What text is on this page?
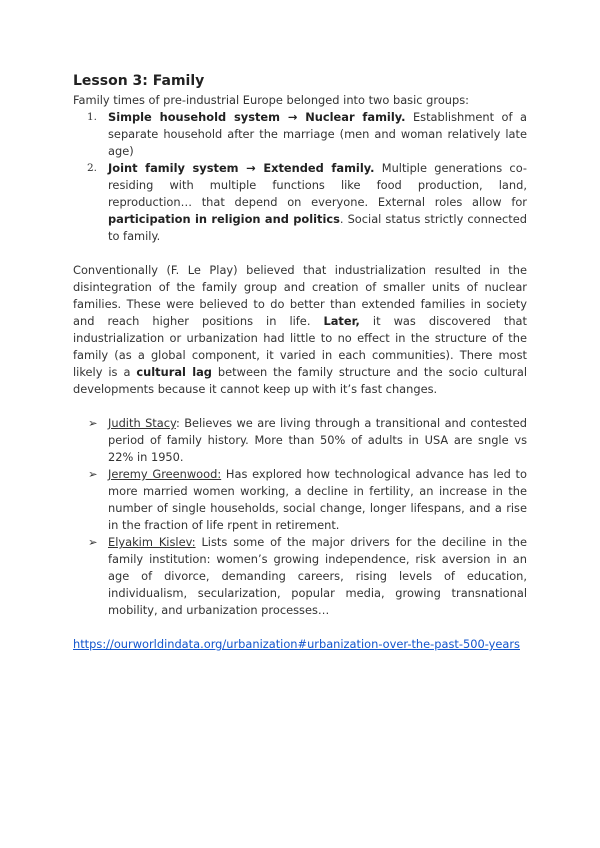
Lesson 3: Family

Family times of pre-industrial Europe belonged into two basic groups:

1. Simple household system → Nuclear family. Establishment of a separate household after the marriage (men and woman relatively late age)
2. Joint family system → Extended family. Multiple generations co-residing with multiple functions like food production, land, reproduction… that depend on everyone. External roles allow for participation in religion and politics. Social status strictly connected to family.

Conventionally (F. Le Play) believed that industrialization resulted in the disintegration of the family group and creation of smaller units of nuclear families. These were believed to do better than extended families in society and reach higher positions in life. Later, it was discovered that industrialization or urbanization had little to no effect in the structure of the family (as a global component, it varied in each communities). There most likely is a cultural lag between the family structure and the socio cultural developments because it cannot keep up with it’s fast changes.

➢ Judith Stacy: Believes we are living through a transitional and contested period of family history. More than 50% of adults in USA are sngle vs 22% in 1950.
➢ Jeremy Greenwood: Has explored how technological advance has led to more married women working, a decline in fertility, an increase in the number of single households, social change, longer lifespans, and a rise in the fraction of life rpent in retirement.
➢ Elyakim Kislev: Lists some of the major drivers for the deciline in the family institution: women’s growing independence, risk aversion in an age of divorce, demanding careers, rising levels of education, individualism, secularization, popular media, growing transnational mobility, and urbanization processes…

https://ourworldindata.org/urbanization#urbanization-over-the-past-500-years
